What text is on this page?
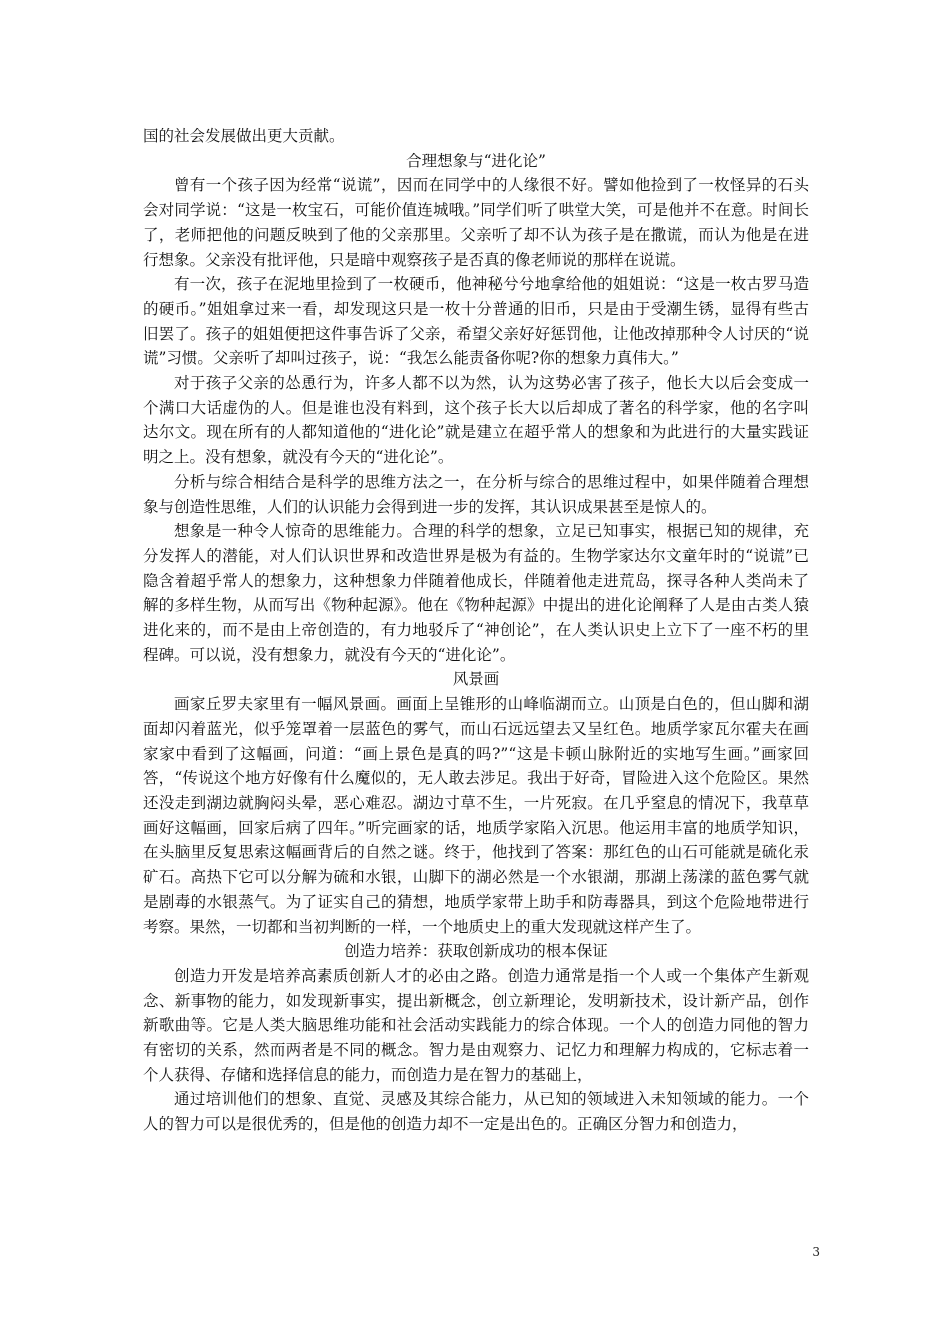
国的社会发展做出更大贡献。

合理想象与“进化论”

曾有一个孩子因为经常“说谎”，因而在同学中的人缘很不好。譬如他捡到了一枚怪异的石头会对同学说：“这是一枚宝石，可能价值连城哦。”同学们听了哄堂大笑，可是他并不在意。时间长了，老师把他的问题反映到了他的父亲那里。父亲听了却不认为孩子是在撒谎，而认为他是在进行想象。父亲没有批评他，只是暗中观察孩子是否真的像老师说的那样在说谎。

有一次，孩子在泥地里捡到了一枚硬币，他神秘兮兮地拿给他的姐姐说：“这是一枚古罗马造的硬币。”姐姐拿过来一看，却发现这只是一枚十分普通的旧币，只是由于受潮生锈，显得有些古旧罢了。孩子的姐姐便把这件事告诉了父亲，希望父亲好好惩罚他，让他改掉那种令人讨厌的“说谎”习惯。父亲听了却叫过孩子，说：“我怎么能责备你呢?你的想象力真伟大。”

对于孩子父亲的怂恿行为，许多人都不以为然，认为这势必害了孩子，他长大以后会变成一个满口大话虚伪的人。但是谁也没有料到，这个孩子长大以后却成了著名的科学家，他的名字叫达尔文。现在所有的人都知道他的“进化论”就是建立在超乎常人的想象和为此进行的大量实践证明之上。没有想象，就没有今天的“进化论”。

分析与综合相结合是科学的思维方法之一，在分析与综合的思维过程中，如果伴随着合理想象与创造性思维，人们的认识能力会得到进一步的发挥，其认识成果甚至是惊人的。

想象是一种令人惊奇的思维能力。合理的科学的想象，立足已知事实，根据已知的规律，充分发挥人的潜能，对人们认识世界和改造世界是极为有益的。生物学家达尔文童年时的“说谎”已隐含着超乎常人的想象力，这种想象力伴随着他成长，伴随着他走进荒岛，探寻各种人类尚未了解的多样生物，从而写出《物种起源》。他在《物种起源》中提出的进化论阐释了人是由古类人猿进化来的，而不是由上帝创造的，有力地驳斥了“神创论”，在人类认识史上立下了一座不朽的里程碑。可以说，没有想象力，就没有今天的“进化论”。

风景画

画家丘罗夫家里有一幅风景画。画面上呈锥形的山峰临湖而立。山顶是白色的，但山脚和湖面却闪着蓝光，似乎笼罩着一层蓝色的雾气，而山石远远望去又呈红色。地质学家瓦尔霍夫在画家家中看到了这幅画，问道：“画上景色是真的吗?”“这是卡顿山脉附近的实地写生画。”画家回答，“传说这个地方好像有什么魔似的，无人敢去涉足。我出于好奇，冒险进入这个危险区。果然还没走到湖边就胸闷头晕，恶心难忍。湖边寸草不生，一片死寂。在几乎窒息的情况下，我草草画好这幅画，回家后病了四年。”听完画家的话，地质学家陷入沉思。他运用丰富的地质学知识，在头脑里反复思索这幅画背后的自然之谜。终于，他找到了答案：那红色的山石可能就是硫化汞矿石。高热下它可以分解为硫和水银，山脚下的湖必然是一个水银湖，那湖上荡漾的蓝色雾气就是剧毒的水银蒸气。为了证实自己的猜想，地质学家带上助手和防毒器具，到这个危险地带进行考察。果然，一切都和当初判断的一样，一个地质史上的重大发现就这样产生了。

创造力培养：获取创新成功的根本保证

创造力开发是培养高素质创新人才的必由之路。创造力通常是指一个人或一个集体产生新观念、新事物的能力，如发现新事实，提出新概念，创立新理论，发明新技术，设计新产品，创作新歌曲等。它是人类大脑思维功能和社会活动实践能力的综合体现。一个人的创造力同他的智力有密切的关系，然而两者是不同的概念。智力是由观察力、记忆力和理解力构成的，它标志着一个人获得、存储和选择信息的能力，而创造力是在智力的基础上，

通过培训他们的想象、直觉、灵感及其综合能力，从已知的领域进入未知领域的能力。一个人的智力可以是很优秀的，但是他的创造力却不一定是出色的。正确区分智力和创造力，

3
